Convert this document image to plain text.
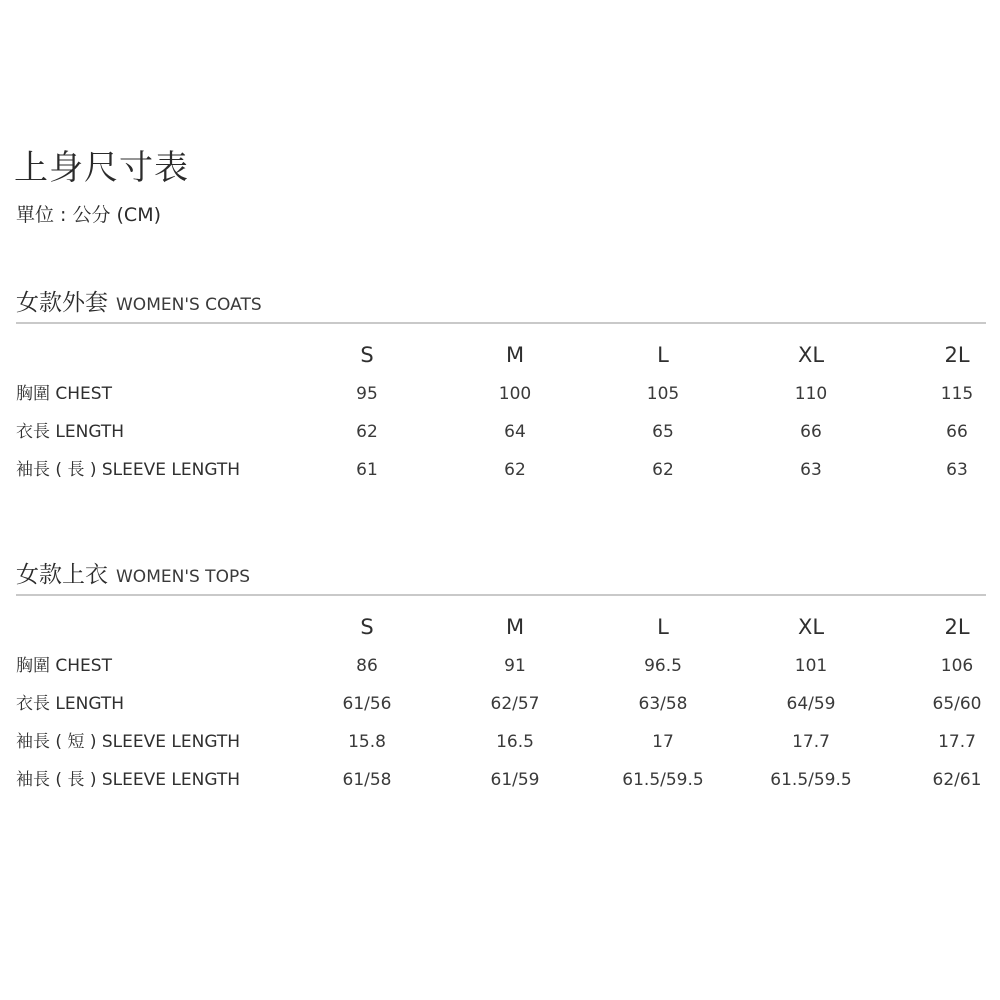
上身尺寸表
單位 : 公分 (CM)
女款外套 WOMEN'S COATS
S	M	L	XL	2L
胸圍 CHEST	95	100	105	110	115
衣長 LENGTH	62	64	65	66	66
袖長 ( 長 ) SLEEVE LENGTH	61	62	62	63	63
女款上衣 WOMEN'S TOPS
S	M	L	XL	2L
胸圍 CHEST	86	91	96.5	101	106
衣長 LENGTH	61/56	62/57	63/58	64/59	65/60
袖長 ( 短 ) SLEEVE LENGTH	15.8	16.5	17	17.7	17.7
袖長 ( 長 ) SLEEVE LENGTH	61/58	61/59	61.5/59.5	61.5/59.5	62/61
